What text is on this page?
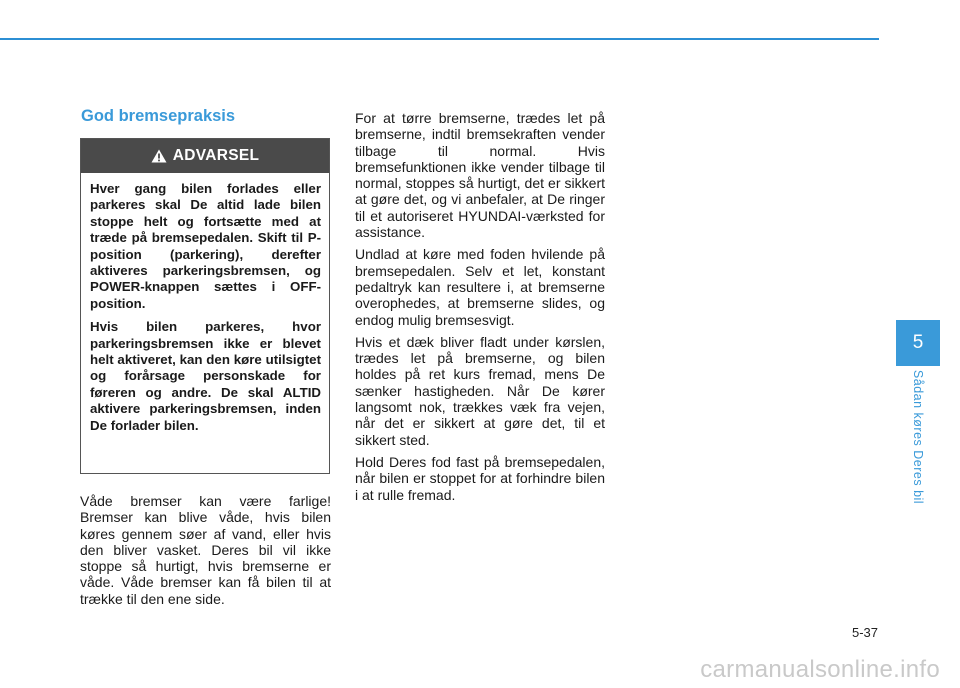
God bremsepraksis
ADVARSEL

Hver gang bilen forlades eller parkeres skal De altid lade bilen stoppe helt og fortsætte med at træde på bremsepedalen. Skift til P-position (parkering), derefter aktiveres parkeringsbremsen, og POWER-knappen sættes i OFF-position.

Hvis bilen parkeres, hvor parkeringsbremsen ikke er blevet helt aktiveret, kan den køre utilsigtet og forårsage personskade for føreren og andre. De skal ALTID aktivere parkeringsbremsen, inden De forlader bilen.

Våde bremser kan være farlige! Bremser kan blive våde, hvis bilen køres gennem søer af vand, eller hvis den bliver vasket. Deres bil vil ikke stoppe så hurtigt, hvis bremserne er våde. Våde bremser kan få bilen til at trække til den ene side.

For at tørre bremserne, trædes let på bremserne, indtil bremsekraften vender tilbage til normal. Hvis bremsefunktionen ikke vender tilbage til normal, stoppes så hurtigt, det er sikkert at gøre det, og vi anbefaler, at De ringer til et autoriseret HYUNDAI-værksted for assistance.

Undlad at køre med foden hvilende på bremsepedalen. Selv et let, konstant pedaltryk kan resultere i, at bremserne overophedes, at bremserne slides, og endog mulig bremsesvigt.

Hvis et dæk bliver fladt under kørslen, trædes let på bremserne, og bilen holdes på ret kurs fremad, mens De sænker hastigheden. Når De kører langsomt nok, trækkes væk fra vejen, når det er sikkert at gøre det, til et sikkert sted.

Hold Deres fod fast på bremsepedalen, når bilen er stoppet for at forhindre bilen i at rulle fremad.

5
Sådan køres Deres bil
5-37
carmanualsonline.info
